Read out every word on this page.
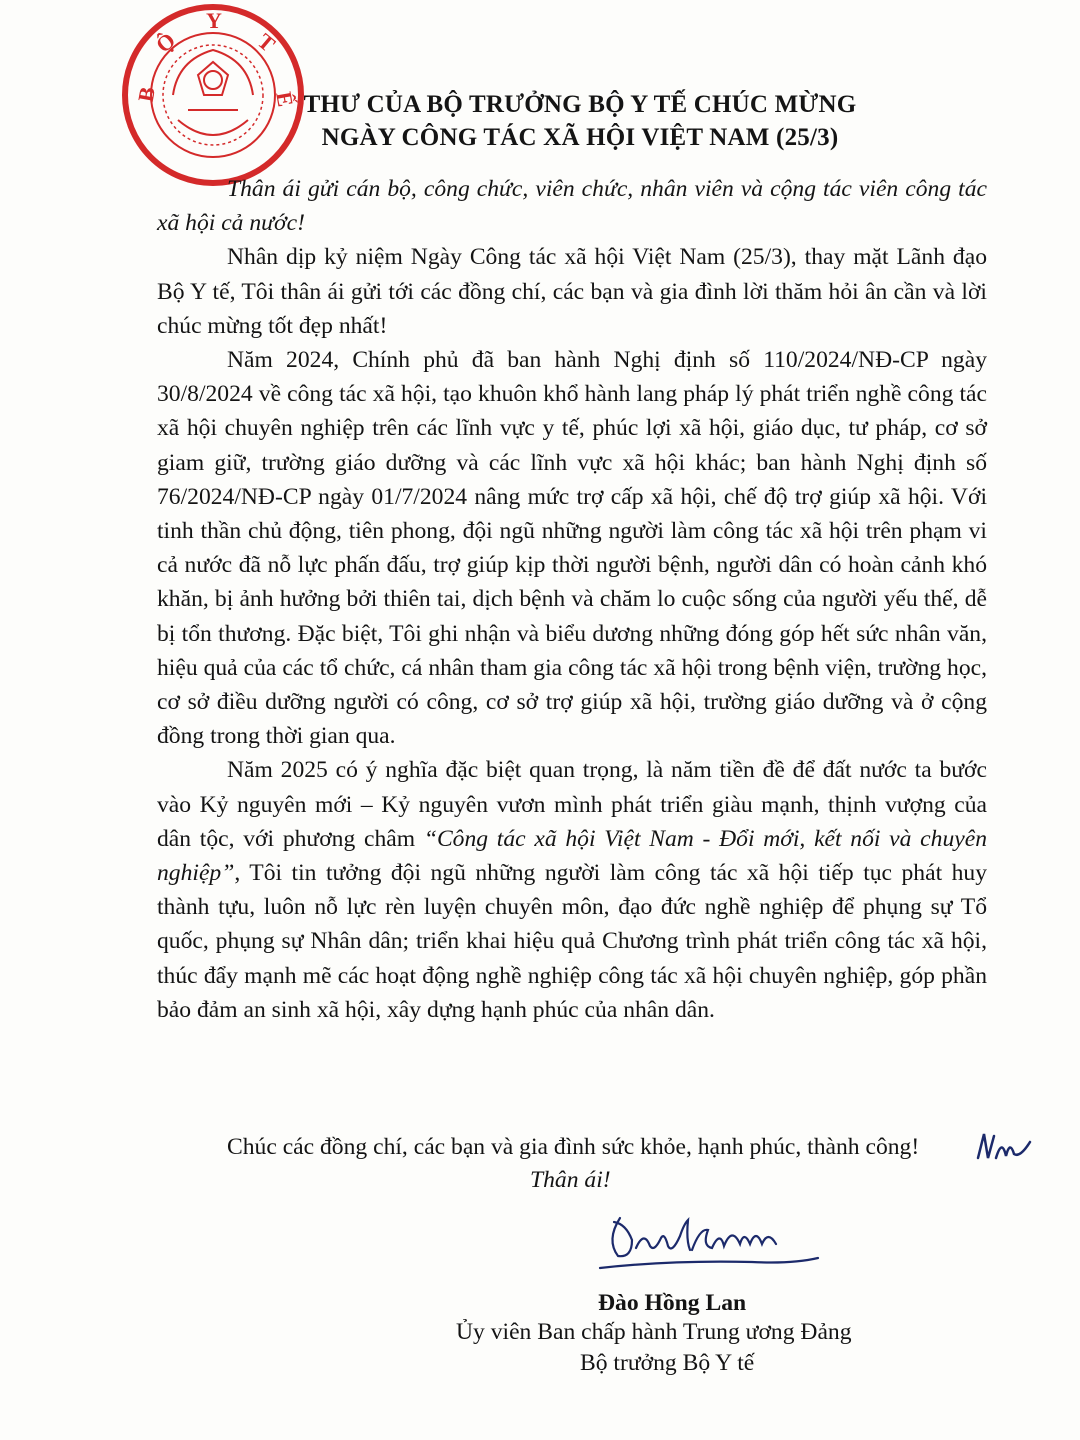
Y
Ộ
B
T
Ế THƯ CỦA BỘ TRƯỞNG BỘ Y TẾ CHÚC MỪNG
NGÀY CÔNG TÁC XÃ HỘI VIỆT NAM (25/3)

Thân ái gửi cán bộ, công chức, viên chức, nhân viên và cộng tác viên công tác xã hội cả nước!

Nhân dịp kỷ niệm Ngày Công tác xã hội Việt Nam (25/3), thay mặt Lãnh đạo Bộ Y tế, Tôi thân ái gửi tới các đồng chí, các bạn và gia đình lời thăm hỏi ân cần và lời chúc mừng tốt đẹp nhất!

Năm 2024, Chính phủ đã ban hành Nghị định số 110/2024/NĐ-CP ngày 30/8/2024 về công tác xã hội, tạo khuôn khổ hành lang pháp lý phát triển nghề công tác xã hội chuyên nghiệp trên các lĩnh vực y tế, phúc lợi xã hội, giáo dục, tư pháp, cơ sở giam giữ, trường giáo dưỡng và các lĩnh vực xã hội khác; ban hành Nghị định số 76/2024/NĐ-CP ngày 01/7/2024 nâng mức trợ cấp xã hội, chế độ trợ giúp xã hội. Với tinh thần chủ động, tiên phong, đội ngũ những người làm công tác xã hội trên phạm vi cả nước đã nỗ lực phấn đấu, trợ giúp kịp thời người bệnh, người dân có hoàn cảnh khó khăn, bị ảnh hưởng bởi thiên tai, dịch bệnh và chăm lo cuộc sống của người yếu thế, dễ bị tổn thương. Đặc biệt, Tôi ghi nhận và biểu dương những đóng góp hết sức nhân văn, hiệu quả của các tổ chức, cá nhân tham gia công tác xã hội trong bệnh viện, trường học, cơ sở điều dưỡng người có công, cơ sở trợ giúp xã hội, trường giáo dưỡng và ở cộng đồng trong thời gian qua.

Năm 2025 có ý nghĩa đặc biệt quan trọng, là năm tiền đề để đất nước ta bước vào Kỷ nguyên mới – Kỷ nguyên vươn mình phát triển giàu mạnh, thịnh vượng của dân tộc, với phương châm “Công tác xã hội Việt Nam - Đổi mới, kết nối và chuyên nghiệp”, Tôi tin tưởng đội ngũ những người làm công tác xã hội tiếp tục phát huy thành tựu, luôn nỗ lực rèn luyện chuyên môn, đạo đức nghề nghiệp để phụng sự Tổ quốc, phụng sự Nhân dân; triển khai hiệu quả Chương trình phát triển công tác xã hội, thúc đẩy mạnh mẽ các hoạt động nghề nghiệp công tác xã hội chuyên nghiệp, góp phần bảo đảm an sinh xã hội, xây dựng hạnh phúc của nhân dân.

Chúc các đồng chí, các bạn và gia đình sức khỏe, hạnh phúc, thành công!
Thân ái!
Đào Hồng Lan
Ủy viên Ban chấp hành Trung ương Đảng
Bộ trưởng Bộ Y tế
